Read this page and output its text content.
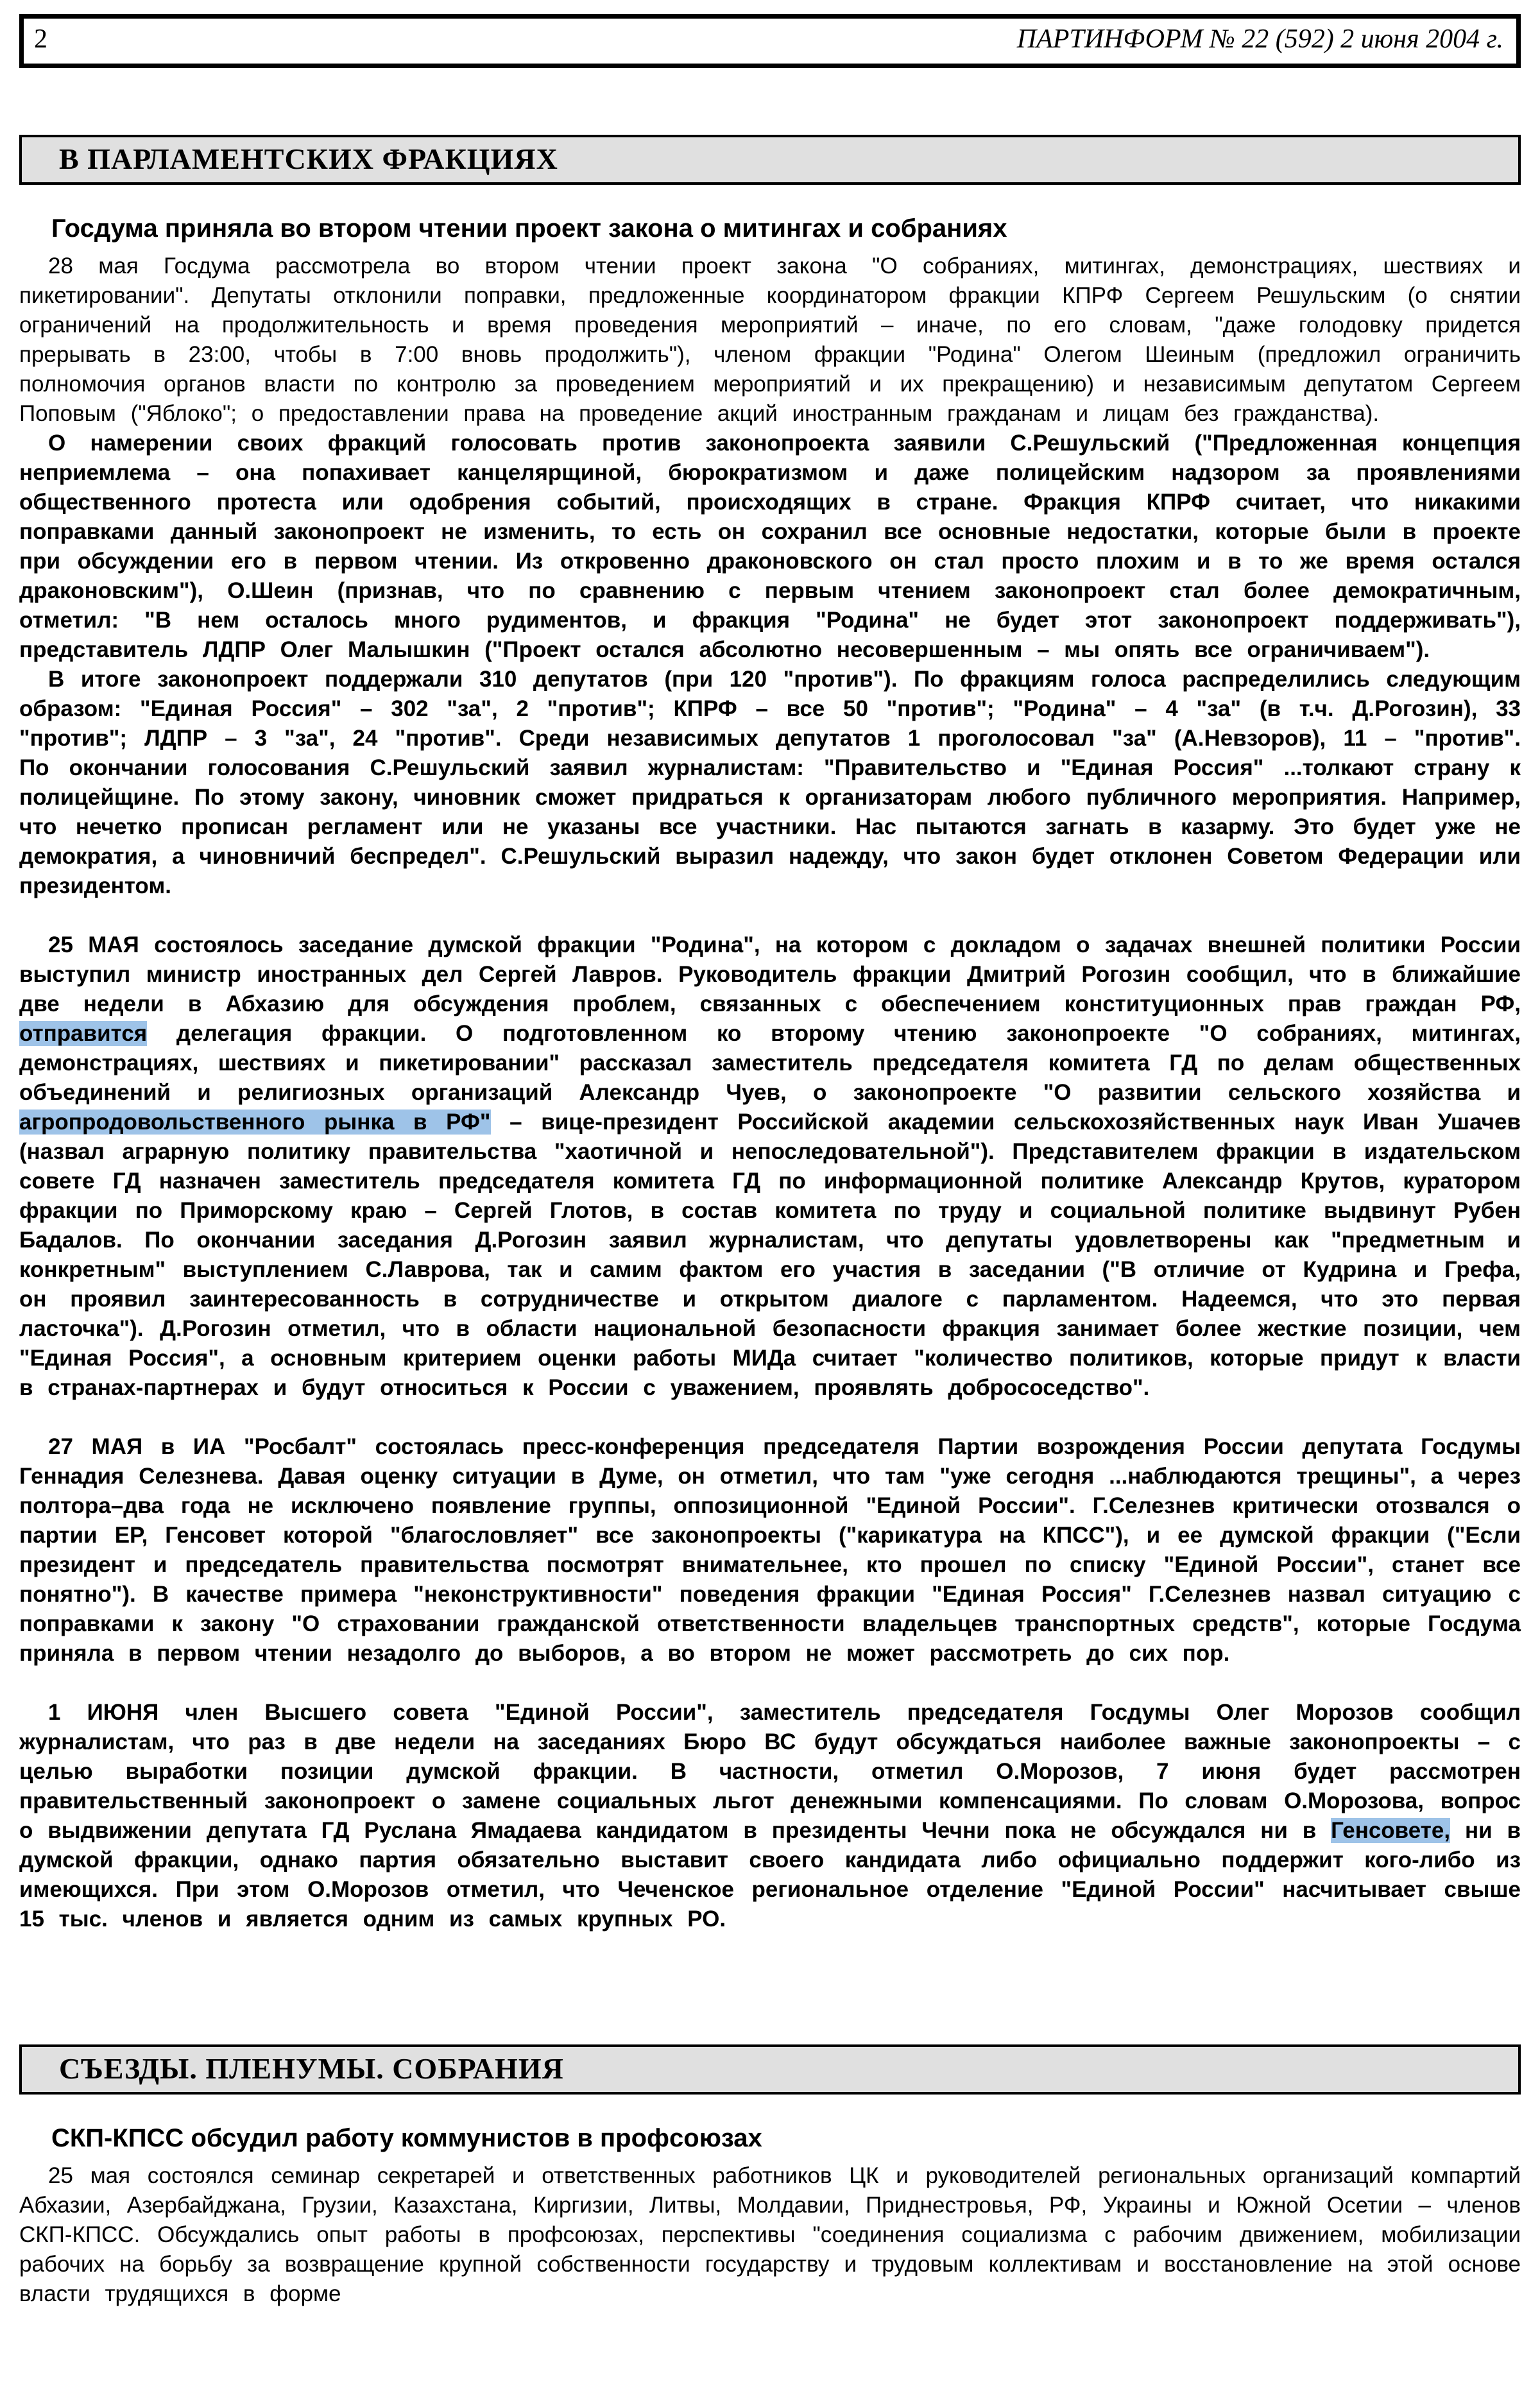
2	ПАРТИНФОРМ № 22 (592) 2 июня 2004 г.
В ПАРЛАМЕНТСКИХ ФРАКЦИЯХ
Госдума приняла во втором чтении проект закона о митингах и собраниях

28 мая Госдума рассмотрела во втором чтении проект закона "О собраниях, митингах, демонстрациях, шествиях и пикетировании". Депутаты отклонили поправки, предложенные координатором фракции КПРФ Сергеем Решульским (о снятии ограничений на продолжительность и время проведения мероприятий – иначе, по его словам, "даже голодовку придется прерывать в 23:00, чтобы в 7:00 вновь продолжить"), членом фракции "Родина" Олегом Шеиным (предложил ограничить полномочия органов власти по контролю за проведением мероприятий и их прекращению) и независимым депутатом Сергеем Поповым ("Яблоко"; о предоставлении права на проведение акций иностранным гражданам и лицам без гражданства).

О намерении своих фракций голосовать против законопроекта заявили С.Решульский ("Предложенная концепция неприемлема – она попахивает канцелярщиной, бюрократизмом и даже полицейским надзором за проявлениями общественного протеста или одобрения событий, происходящих в стране. Фракция КПРФ считает, что никакими поправками данный законопроект не изменить, то есть он сохранил все основные недостатки, которые были в проекте при обсуждении его в первом чтении. Из откровенно драконовского он стал просто плохим и в то же время остался драконовским"), О.Шеин (признав, что по сравнению с первым чтением законопроект стал более демократичным, отметил: "В нем осталось много рудиментов, и фракция "Родина" не будет этот законопроект поддерживать"), представитель ЛДПР Олег Малышкин ("Проект остался абсолютно несовершенным – мы опять все ограничиваем").

В итоге законопроект поддержали 310 депутатов (при 120 "против"). По фракциям голоса распределились следующим образом: "Единая Россия" – 302 "за", 2 "против"; КПРФ – все 50 "против"; "Родина" – 4 "за" (в т.ч. Д.Рогозин), 33 "против"; ЛДПР – 3 "за", 24 "против". Среди независимых депутатов 1 проголосовал "за" (А.Невзоров), 11 – "против". По окончании голосования С.Решульский заявил журналистам: "Правительство и "Единая Россия" ...толкают страну к полицейщине. По этому закону, чиновник сможет придраться к организаторам любого публичного мероприятия. Например, что нечетко прописан регламент или не указаны все участники. Нас пытаются загнать в казарму. Это будет уже не демократия, а чиновничий беспредел". С.Решульский выразил надежду, что закон будет отклонен Советом Федерации или президентом.

25 МАЯ состоялось заседание думской фракции "Родина", на котором с докладом о задачах внешней политики России выступил министр иностранных дел Сергей Лавров. Руководитель фракции Дмитрий Рогозин сообщил, что в ближайшие две недели в Абхазию для обсуждения проблем, связанных с обеспечением конституционных прав граждан РФ, отправится делегация фракции. О подготовленном ко второму чтению законопроекте "О собраниях, митингах, демонстрациях, шествиях и пикетировании" рассказал заместитель председателя комитета ГД по делам общественных объединений и религиозных организаций Александр Чуев, о законопроекте "О развитии сельского хозяйства и агропродовольственного рынка в РФ" – вице-президент Российской академии сельскохозяйственных наук Иван Ушачев (назвал аграрную политику правительства "хаотичной и непоследовательной"). Представителем фракции в издательском совете ГД назначен заместитель председателя комитета ГД по информационной политике Александр Крутов, куратором фракции по Приморскому краю – Сергей Глотов, в состав комитета по труду и социальной политике выдвинут Рубен Бадалов. По окончании заседания Д.Рогозин заявил журналистам, что депутаты удовлетворены как "предметным и конкретным" выступлением С.Лаврова, так и самим фактом его участия в заседании ("В отличие от Кудрина и Грефа, он проявил заинтересованность в сотрудничестве и открытом диалоге с парламентом. Надеемся, что это первая ласточка"). Д.Рогозин отметил, что в области национальной безопасности фракция занимает более жесткие позиции, чем "Единая Россия", а основным критерием оценки работы МИДа считает "количество политиков, которые придут к власти в странах-партнерах и будут относиться к России с уважением, проявлять добрососедство".

27 МАЯ в ИА "Росбалт" состоялась пресс-конференция председателя Партии возрождения России депутата Госдумы Геннадия Селезнева. Давая оценку ситуации в Думе, он отметил, что там "уже сегодня ...наблюдаются трещины", а через полтора–два года не исключено появление группы, оппозиционной "Единой России". Г.Селезнев критически отозвался о партии ЕР, Генсовет которой "благословляет" все законопроекты ("карикатура на КПСС"), и ее думской фракции ("Если президент и председатель правительства посмотрят внимательнее, кто прошел по списку "Единой России", станет все понятно"). В качестве примера "неконструктивности" поведения фракции "Единая Россия" Г.Селезнев назвал ситуацию с поправками к закону "О страховании гражданской ответственности владельцев транспортных средств", которые Госдума приняла в первом чтении незадолго до выборов, а во втором не может рассмотреть до сих пор.

1 ИЮНЯ член Высшего совета "Единой России", заместитель председателя Госдумы Олег Морозов сообщил журналистам, что раз в две недели на заседаниях Бюро ВС будут обсуждаться наиболее важные законопроекты – с целью выработки позиции думской фракции. В частности, отметил О.Морозов, 7 июня будет рассмотрен правительственный законопроект о замене социальных льгот денежными компенсациями. По словам О.Морозова, вопрос о выдвижении депутата ГД Руслана Ямадаева кандидатом в президенты Чечни пока не обсуждался ни в Генсовете, ни в думской фракции, однако партия обязательно выставит своего кандидата либо официально поддержит кого-либо из имеющихся. При этом О.Морозов отметил, что Чеченское региональное отделение "Единой России" насчитывает свыше 15 тыс. членов и является одним из самых крупных РО.

СЪЕЗДЫ. ПЛЕНУМЫ. СОБРАНИЯ
СКП-КПСС обсудил работу коммунистов в профсоюзах

25 мая состоялся семинар секретарей и ответственных работников ЦК и руководителей региональных организаций компартий Абхазии, Азербайджана, Грузии, Казахстана, Киргизии, Литвы, Молдавии, Приднестровья, РФ, Украины и Южной Осетии – членов СКП-КПСС. Обсуждались опыт работы в профсоюзах, перспективы "соединения социализма с рабочим движением, мобилизации рабочих на борьбу за возвращение крупной собственности государству и трудовым коллективам и восстановление на этой основе власти трудящихся в форме
